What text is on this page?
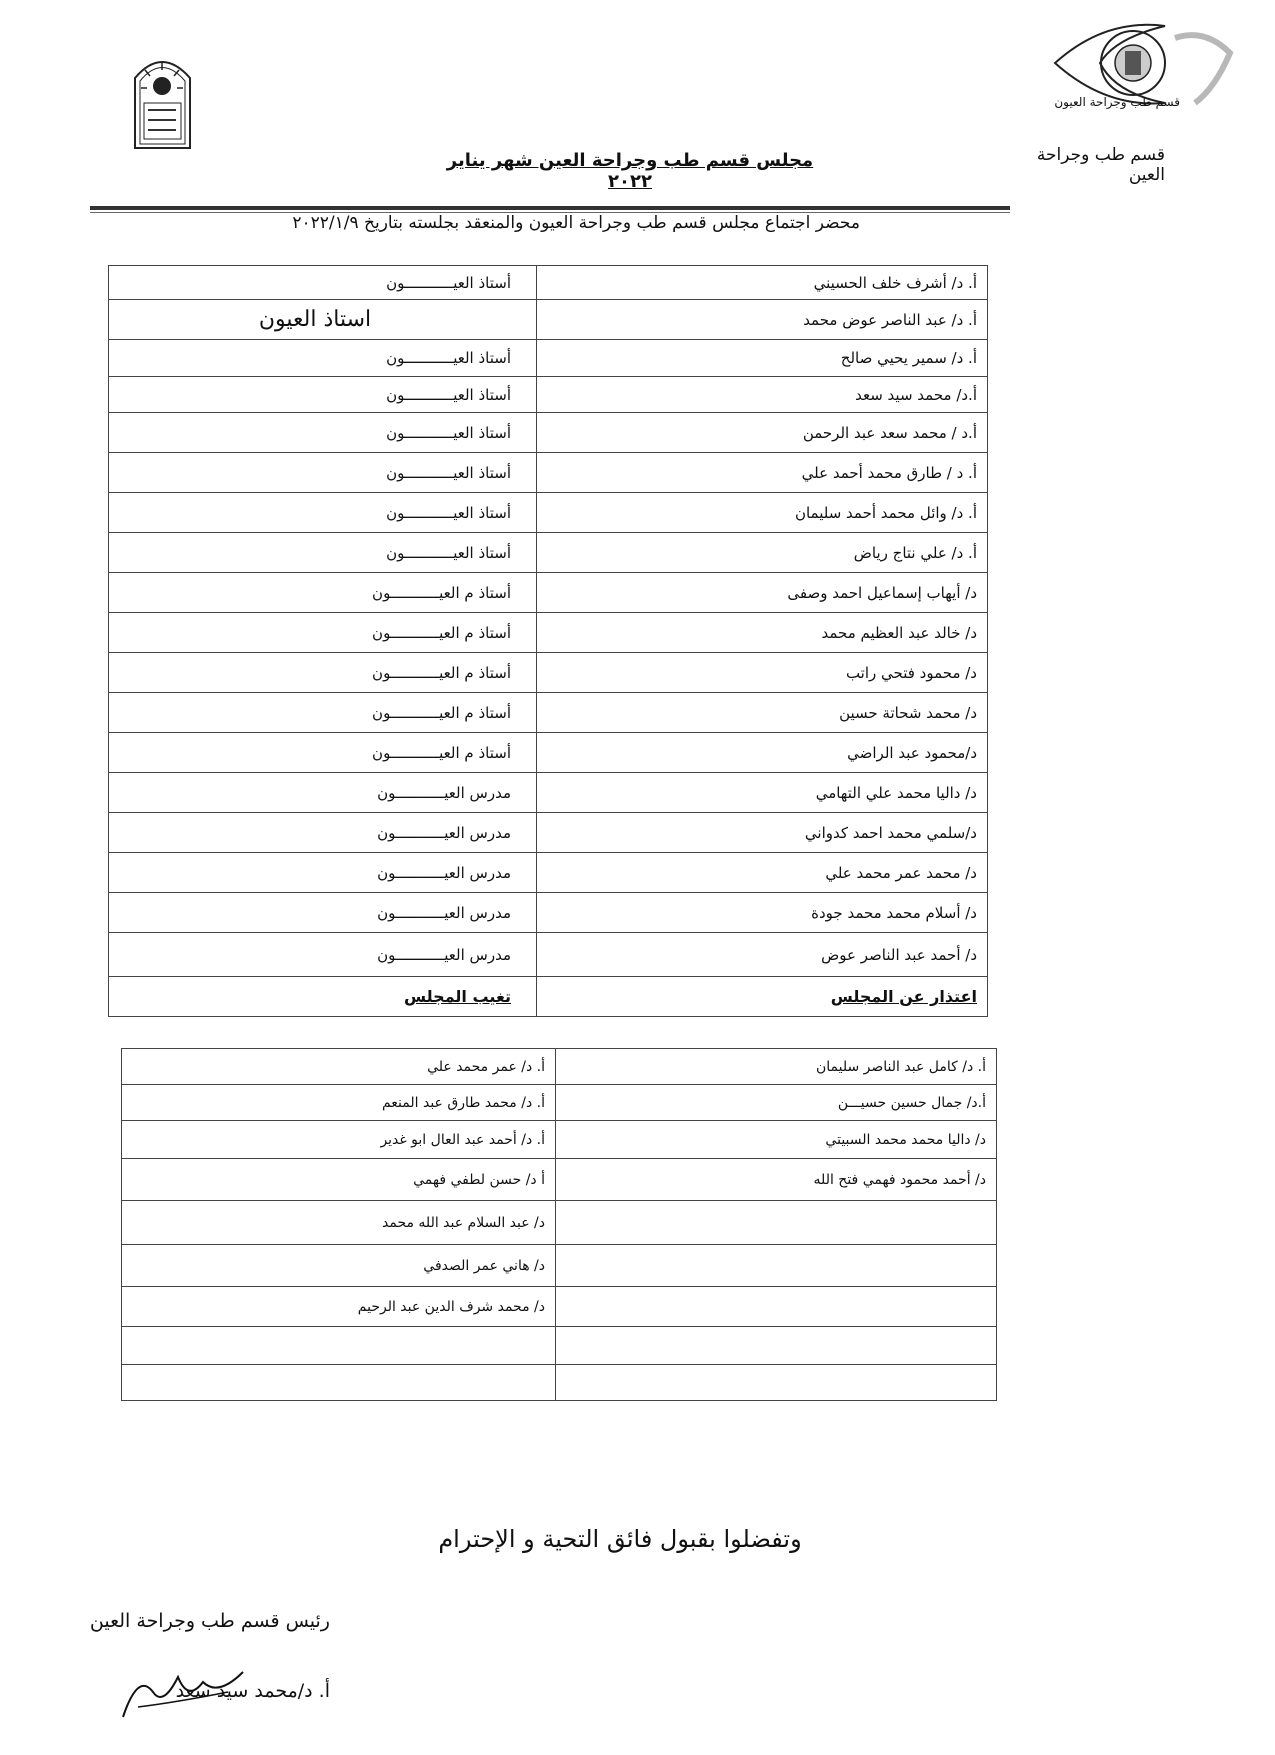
قسم طب وجراحة العيون
قسم طب وجراحة العين
مجلس قسم طب وجراحة العين شهر يناير ٢٠٢٢
محضر اجتماع مجلس قسم طب وجراحة العيون والمنعقد بجلسته بتاريخ ٢٠٢٢/١/٩
أ. د/ أشرف خلف الحسيني	أستاذ العيـــــــــــون
أ. د/ عبد الناصر عوض محمد	استاذ العيون
أ. د/ سمير يحيي صالح	أستاذ العيـــــــــــون
أ.د/ محمد سيد سعد	أستاذ العيـــــــــــون
أ.د / محمد سعد عبد الرحمن	أستاذ العيـــــــــــون
أ. د / طارق محمد أحمد علي	أستاذ العيـــــــــــون
أ. د/ وائل محمد أحمد سليمان	أستاذ العيـــــــــــون
أ. د/ علي نتاج رياض	أستاذ العيـــــــــــون
د/ أيهاب إسماعيل احمد وصفى	أستاذ م العيـــــــــــون
د/ خالد عبد العظيم محمد	أستاذ م العيـــــــــــون
د/ محمود فتحي راتب	أستاذ م العيـــــــــــون
د/ محمد شحاتة حسين	أستاذ م العيـــــــــــون
د/محمود عبد الراضي	أستاذ م العيـــــــــــون
د/ داليا محمد علي التهامي	مدرس العيـــــــــــون
د/سلمي محمد احمد كدواني	مدرس العيـــــــــــون
د/ محمد عمر محمد علي	مدرس العيـــــــــــون
د/ أسلام محمد محمد جودة	مدرس العيـــــــــــون
د/ أحمد عبد الناصر عوض	مدرس العيـــــــــــون
اعتذار عن المجلس	تغيب المجلس
أ. د/ كامل عبد الناصر سليمان	أ. د/ عمر محمد علي
أ.د/ جمال حسين حسيـــن	أ. د/ محمد طارق عبد المنعم
د/ داليا محمد محمد السبيتي	أ. د/ أحمد عبد العال ابو غدير
د/ أحمد محمود فهمي فتح الله	أ د/ حسن لطفي فهمي
	د/ عبد السلام عبد الله محمد
	د/ هاني عمر الصدفي
	د/ محمد شرف الدين عبد الرحيم

وتفضلوا بقبول فائق التحية و الإحترام
رئيس قسم طب وجراحة العين
أ. د/محمد سيد سعد
